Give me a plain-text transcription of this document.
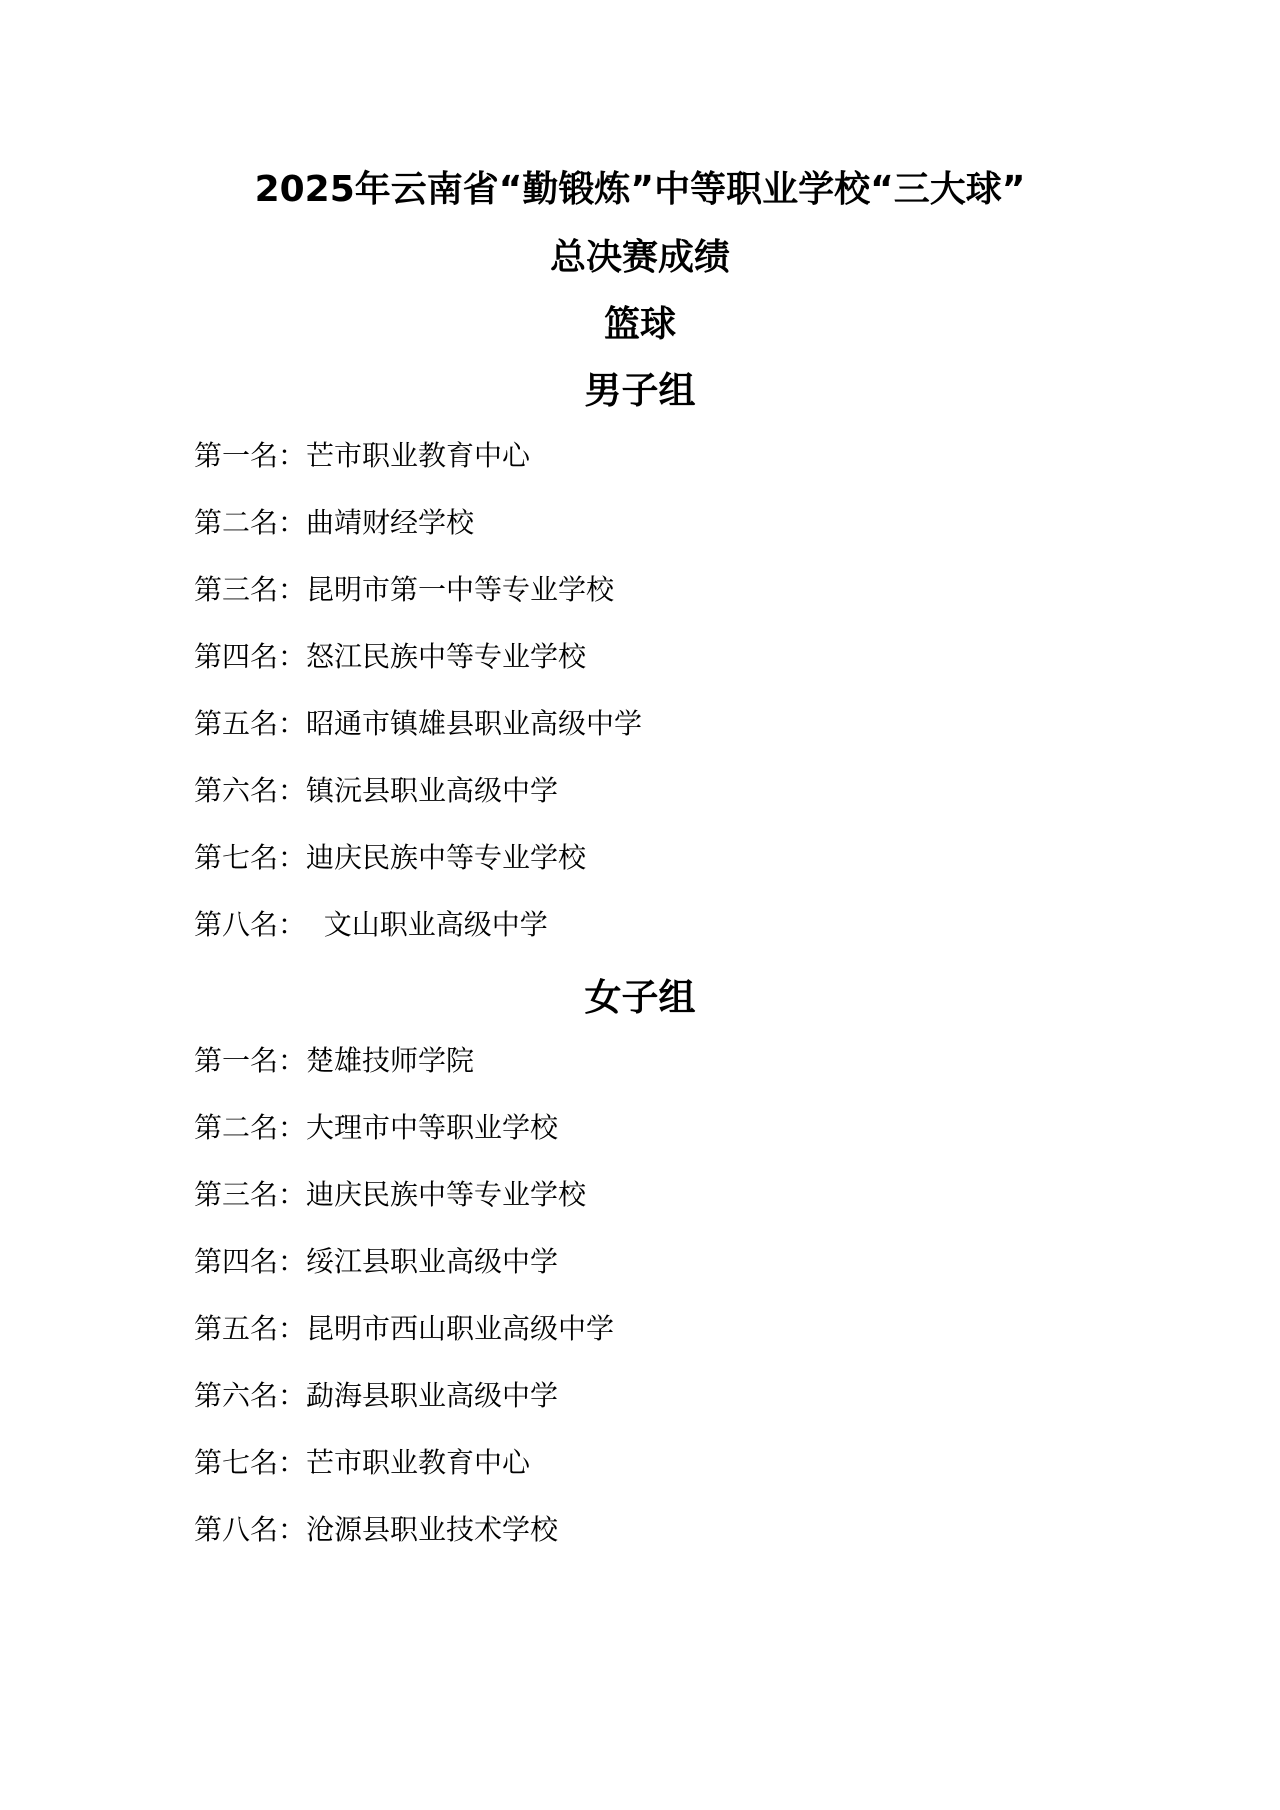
2025年云南省“勤锻炼”中等职业学校“三大球”
总决赛成绩
篮球
男子组
第一名：芒市职业教育中心
第二名：曲靖财经学校
第三名：昆明市第一中等专业学校
第四名：怒江民族中等专业学校
第五名：昭通市镇雄县职业高级中学
第六名：镇沅县职业高级中学
第七名：迪庆民族中等专业学校
第八名：  文山职业高级中学
女子组
第一名：楚雄技师学院
第二名：大理市中等职业学校
第三名：迪庆民族中等专业学校
第四名：绥江县职业高级中学
第五名：昆明市西山职业高级中学
第六名：勐海县职业高级中学
第七名：芒市职业教育中心
第八名：沧源县职业技术学校
